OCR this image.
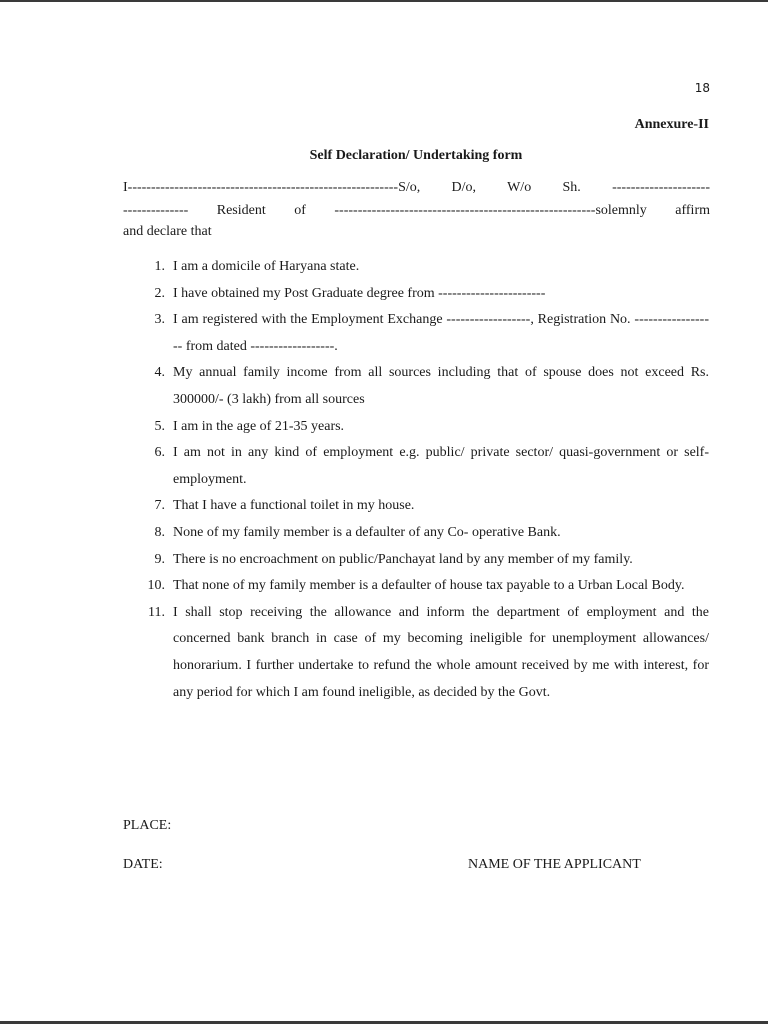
18
Annexure-II
Self Declaration/ Undertaking form
I----------------------------------------------------------S/o, D/o, W/o Sh. ---------------------
-------------- Resident of --------------------------------------------------------solemnly affirm
and declare that
1. I am a domicile of Haryana state.
2. I have obtained my Post Graduate degree from -----------------------
3. I am registered with the Employment Exchange ------------------, Registration No. ------------------ from dated ------------------.
4. My annual family income from all sources including that of spouse does not exceed Rs. 300000/- (3 lakh) from all sources
5. I am in the age of 21-35 years.
6. I am not in any kind of employment e.g. public/ private sector/ quasi-government or self- employment.
7. That I have a functional toilet in my house.
8. None of my family member is a defaulter of any Co- operative Bank.
9. There is no encroachment on public/Panchayat land by any member of my family.
10. That none of my family member is a defaulter of house tax payable to a Urban Local Body.
11. I shall stop receiving the allowance and inform the department of employment and the concerned bank branch in case of my becoming ineligible for unemployment allowances/ honorarium. I further undertake to refund the whole amount received by me with interest, for any period for which I am found ineligible, as decided by the Govt.
PLACE:
DATE:	NAME OF THE APPLICANT
